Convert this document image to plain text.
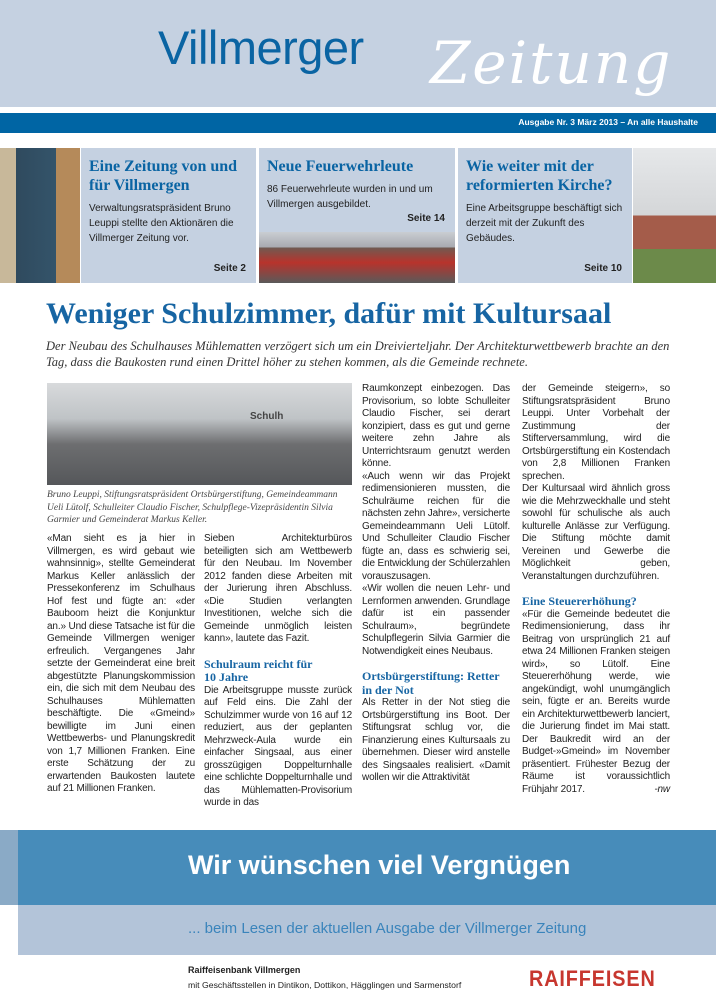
Villmerger Zeitung
Ausgabe Nr. 3 März 2013 – An alle Haushalte
Eine Zeitung von und für Villmergen

Verwaltungsratspräsident Bruno Leuppi stellte den Aktionären die Villmerger Zeitung vor.

Seite 2
Neue Feuerwehrleute

86 Feuerwehrleute wurden in und um Villmergen ausgebildet.

Seite 14
Wie weiter mit der reformierten Kirche?

Eine Arbeitsgruppe beschäftigt sich derzeit mit der Zukunft des Gebäudes.

Seite 10
Weniger Schulzimmer, dafür mit Kultursaal
Der Neubau des Schulhauses Mühlematten verzögert sich um ein Dreivierteljahr. Der Architekturwettbewerb brachte an den Tag, dass die Baukosten rund einen Drittel höher zu stehen kommen, als die Gemeinde rechnete.
Schulh
Bruno Leuppi, Stiftungsratspräsident Ortsbürgerstiftung, Gemeindeammann Ueli Lütolf, Schulleiter Claudio Fischer, Schulpflege-Vizepräsidentin Silvia Garmier und Gemeinderat Markus Keller.

«Man sieht es ja hier in Villmergen, es wird gebaut wie wahnsinnig», stellte Gemeinderat Markus Keller anlässlich der Pressekonferenz im Schulhaus Hof fest und fügte an: «der Bauboom heizt die Konjunktur an.» Und diese Tatsache ist für die Gemeinde Villmergen weniger erfreulich. Vergangenes Jahr setzte der Gemeinderat eine breit abgestützte Planungskommission ein, die sich mit dem Neubau des Schulhauses Mühlematten beschäftigte. Die «Gmeind» bewilligte im Juni einen Wettbewerbs- und Planungskredit von 1,7 Millionen Franken. Eine erste Schätzung der zu erwartenden Baukosten lautete auf 21 Millionen Franken.

Sieben Architekturbüros beteiligten sich am Wettbewerb für den Neubau. Im November 2012 fanden diese Arbeiten mit der Jurierung ihren Abschluss. «Die Studien verlangten Investitionen, welche sich die Gemeinde unmöglich leisten kann», lautete das Fazit.

Schulraum reicht für 10 Jahre

Die Arbeitsgruppe musste zurück auf Feld eins. Die Zahl der Schulzimmer wurde von 16 auf 12 reduziert, aus der geplanten Mehrzweck-Aula wurde ein einfacher Singsaal, aus einer grosszügigen Doppelturnhalle eine schlichte Doppelturnhalle und das Mühlematten-Provisorium wurde in das

Raumkonzept einbezogen. Das Provisorium, so lobte Schulleiter Claudio Fischer, sei derart konzipiert, dass es gut und gerne weitere zehn Jahre als Unterrichtsraum genutzt werden könne.

«Auch wenn wir das Projekt redimensionieren mussten, die Schulräume reichen für die nächsten zehn Jahre», versicherte Gemeindeammann Ueli Lütolf. Und Schulleiter Claudio Fischer fügte an, dass es schwierig sei, die Entwicklung der Schülerzahlen vorauszusagen.

«Wir wollen die neuen Lehr- und Lernformen anwenden. Grundlage dafür ist ein passender Schulraum», begründete Schulpflegerin Silvia Garmier die Notwendigkeit eines Neubaus.

Ortsbürgerstiftung: Retter in der Not

Als Retter in der Not stieg die Ortsbürgerstiftung ins Boot. Der Stiftungsrat schlug vor, die Finanzierung eines Kultursaals zu übernehmen. Dieser wird anstelle des Singsaales realisiert. «Damit wollen wir die Attraktivität

der Gemeinde steigern», so Stiftungsratspräsident Bruno Leuppi. Unter Vorbehalt der Zustimmung der Stifterversammlung, wird die Ortsbürgerstiftung ein Kostendach von 2,8 Millionen Franken sprechen.

Der Kultursaal wird ähnlich gross wie die Mehrzweckhalle und steht sowohl für schulische als auch kulturelle Anlässe zur Verfügung. Die Stiftung möchte damit Vereinen und Gewerbe die Möglichkeit geben, Veranstaltungen durchzuführen.

Eine Steuererhöhung?

«Für die Gemeinde bedeutet die Redimensionierung, dass ihr Beitrag von ursprünglich 21 auf etwa 24 Millionen Franken steigen wird», so Lütolf. Eine Steuererhöhung werde, wie angekündigt, wohl unumgänglich sein, fügte er an. Bereits wurde ein Architekturwettbewerb lanciert, die Jurierung findet im Mai statt. Der Baukredit wird an der Budget-»Gmeind» im November präsentiert. Frühester Bezug der Räume ist voraussichtlich Frühjahr 2017.	-nw

Wir wünschen viel Vergnügen
... beim Lesen der aktuellen Ausgabe der Villmerger Zeitung
Raiffeisenbank Villmergen
mit Geschäftsstellen in Dintikon, Dottikon, Hägglingen und Sarmenstorf	RAIFFEISEN
